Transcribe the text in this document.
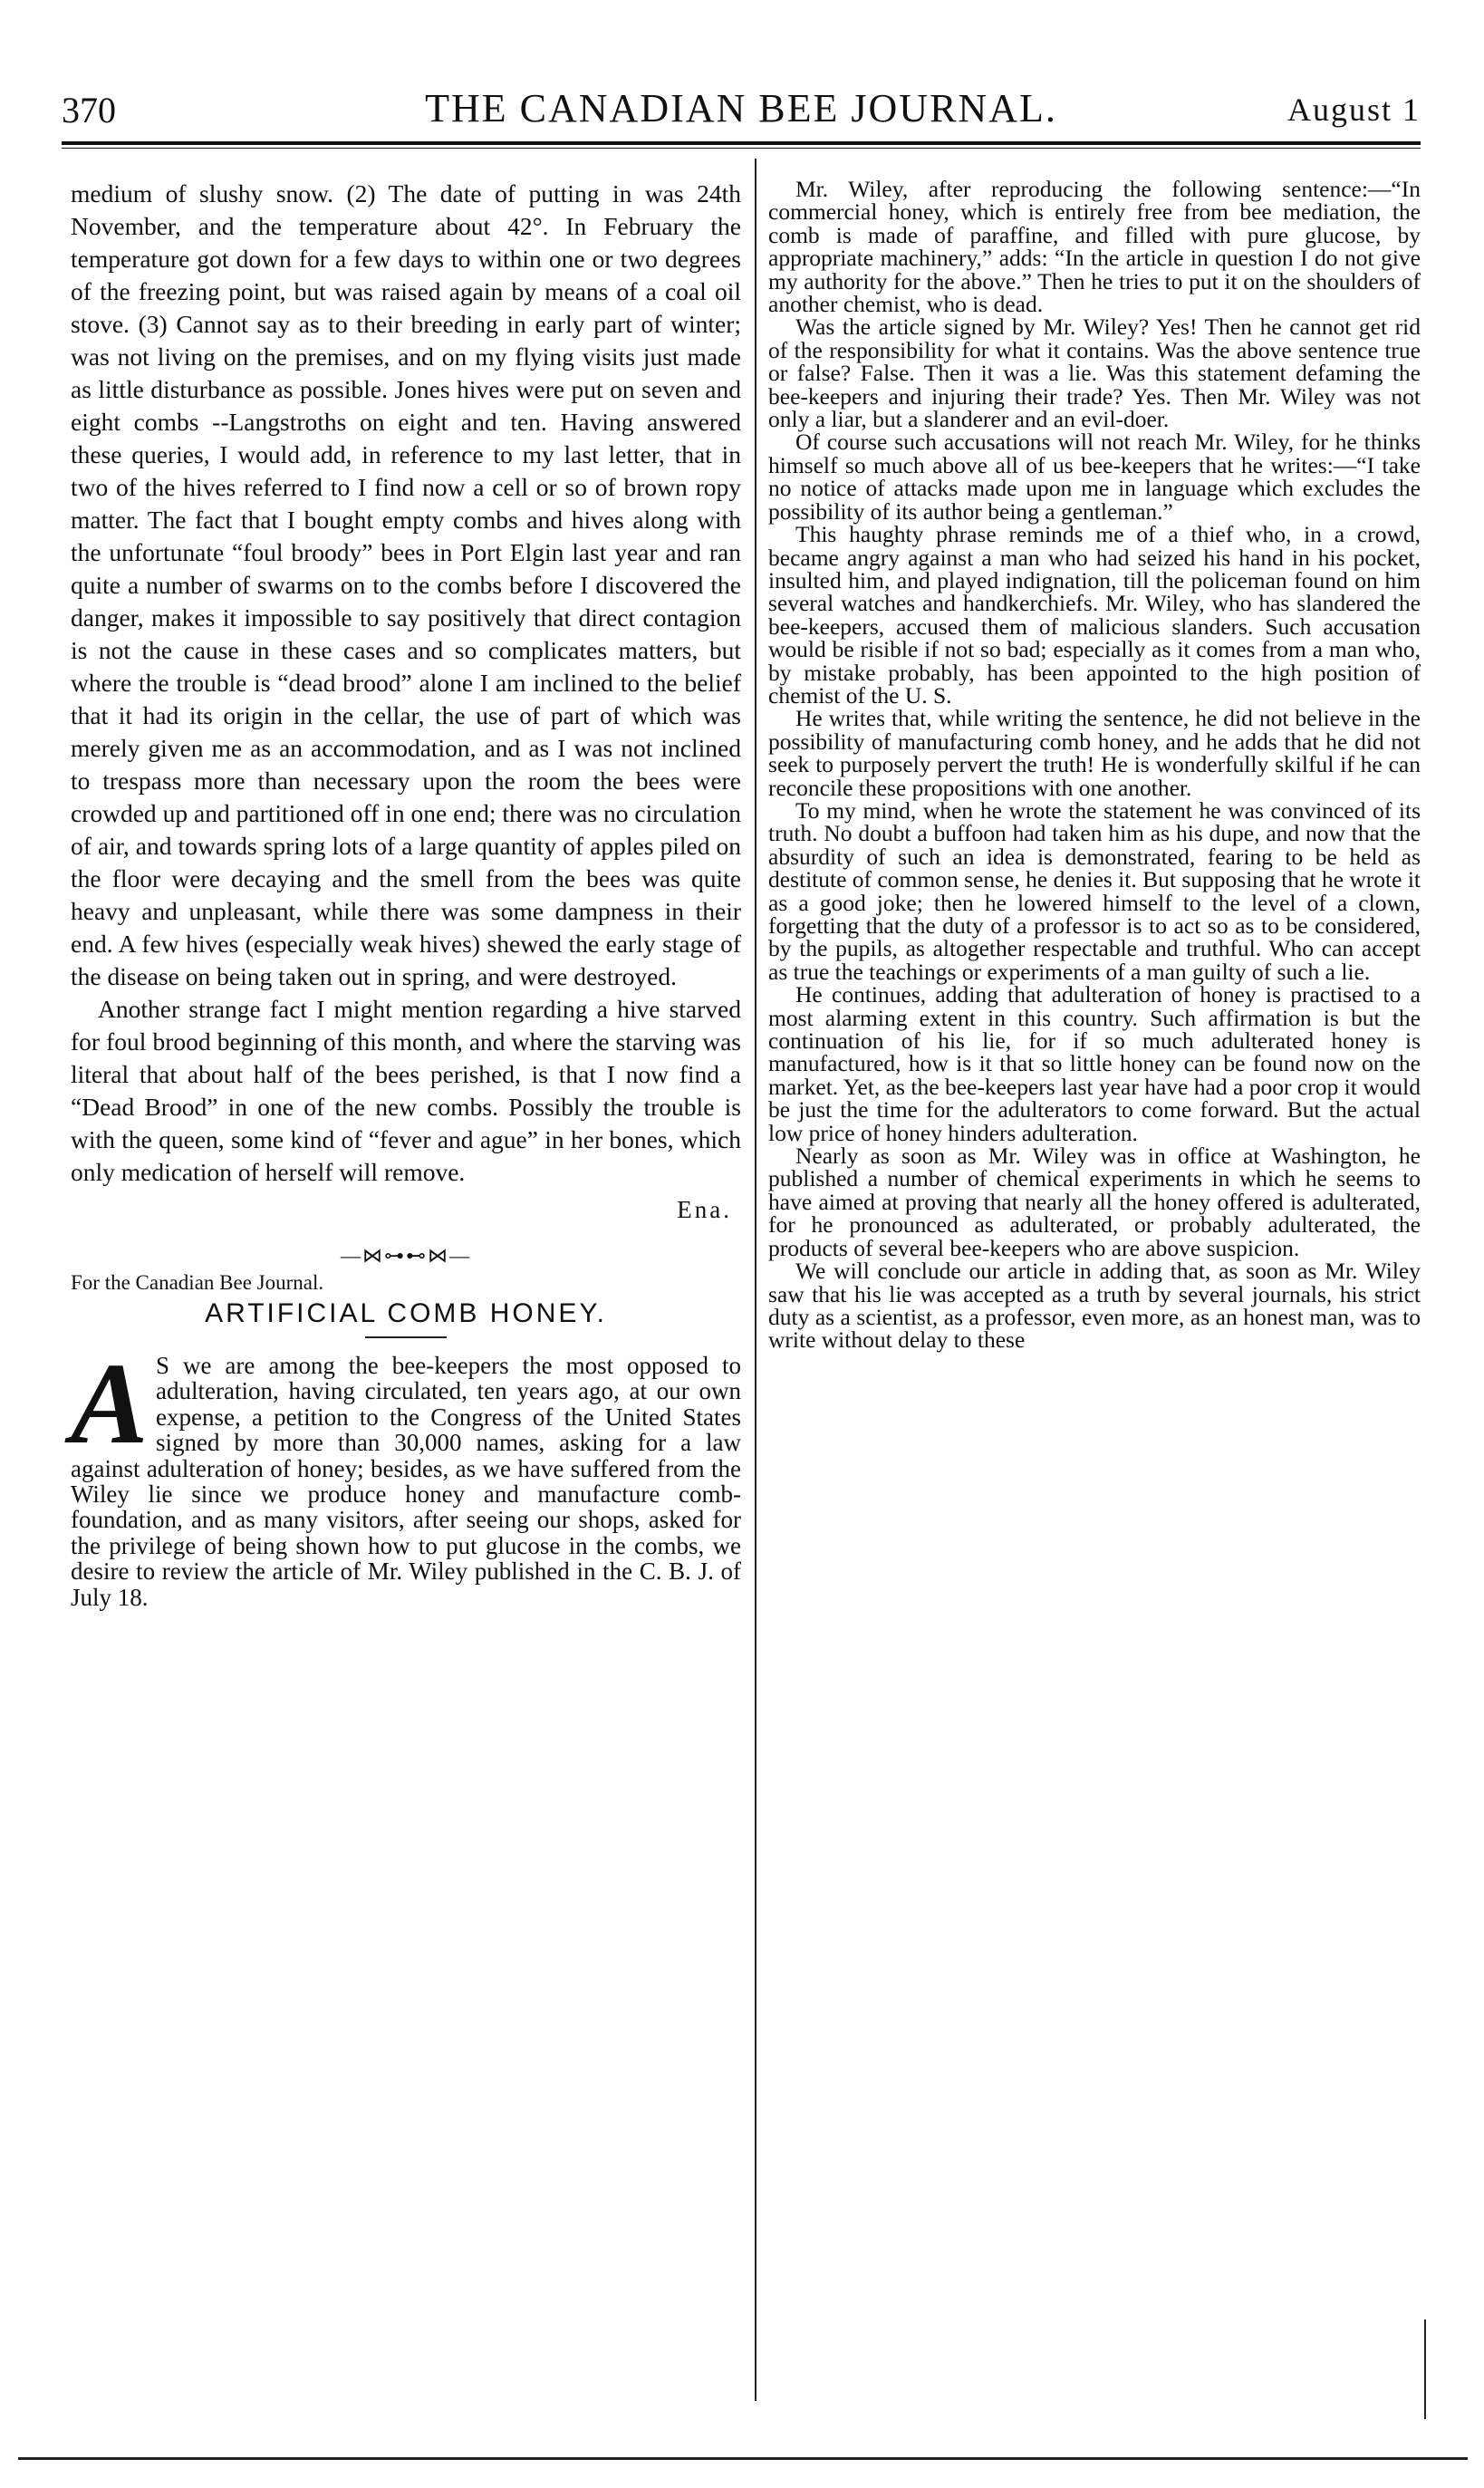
370	THE CANADIAN BEE JOURNAL.	August 1

medium of slushy snow. (2) The date of putting in was 24th November, and the temperature about 42°. In February the temperature got down for a few days to within one or two degrees of the freezing point, but was raised again by means of a coal oil stove. (3) Cannot say as to their breeding in early part of winter; was not living on the premises, and on my flying visits just made as little disturbance as possible. Jones hives were put on seven and eight combs --Langstroths on eight and ten. Having answered these queries, I would add, in reference to my last letter, that in two of the hives referred to I find now a cell or so of brown ropy matter. The fact that I bought empty combs and hives along with the unfortunate “foul broody” bees in Port Elgin last year and ran quite a number of swarms on to the combs before I discovered the danger, makes it impossible to say positively that direct contagion is not the cause in these cases and so complicates matters, but where the trouble is “dead brood” alone I am inclined to the belief that it had its origin in the cellar, the use of part of which was merely given me as an accommodation, and as I was not inclined to trespass more than necessary upon the room the bees were crowded up and partitioned off in one end; there was no circulation of air, and towards spring lots of a large quantity of apples piled on the floor were decaying and the smell from the bees was quite heavy and unpleasant, while there was some dampness in their end. A few hives (especially weak hives) shewed the early stage of the disease on being taken out in spring, and were destroyed.

Another strange fact I might mention regarding a hive starved for foul brood beginning of this month, and where the starving was literal that about half of the bees perished, is that I now find a “Dead Brood” in one of the new combs. Possibly the trouble is with the queen, some kind of “fever and ague” in her bones, which only medication of herself will remove.

Ena.
—⋈⊶⊷⋈—
For the Canadian Bee Journal.
ARTIFICIAL COMB HONEY.
A S we are among the bee-keepers the most opposed to adulteration, having circulated, ten years ago, at our own expense, a petition to the Congress of the United States signed by more than 30,000 names, asking for a law against adulteration of honey; besides, as we have suffered from the Wiley lie since we produce honey and manufacture comb-foundation, and as many visitors, after seeing our shops, asked for the privilege of being shown how to put glucose in the combs, we desire to review the article of Mr. Wiley published in the C. B. J. of July 18.

Mr. Wiley, after reproducing the following sentence:—“In commercial honey, which is entirely free from bee mediation, the comb is made of paraffine, and filled with pure glucose, by appropriate machinery,” adds: “In the article in question I do not give my authority for the above.” Then he tries to put it on the shoulders of another chemist, who is dead.

Was the article signed by Mr. Wiley? Yes! Then he cannot get rid of the responsibility for what it contains. Was the above sentence true or false? False. Then it was a lie. Was this statement defaming the bee-keepers and injuring their trade? Yes. Then Mr. Wiley was not only a liar, but a slanderer and an evil-doer.

Of course such accusations will not reach Mr. Wiley, for he thinks himself so much above all of us bee-keepers that he writes:—“I take no notice of attacks made upon me in language which excludes the possibility of its author being a gentleman.”

This haughty phrase reminds me of a thief who, in a crowd, became angry against a man who had seized his hand in his pocket, insulted him, and played indignation, till the policeman found on him several watches and handkerchiefs. Mr. Wiley, who has slandered the bee-keepers, accused them of malicious slanders. Such accusation would be risible if not so bad; especially as it comes from a man who, by mistake probably, has been appointed to the high position of chemist of the U. S.

He writes that, while writing the sentence, he did not believe in the possibility of manufacturing comb honey, and he adds that he did not seek to purposely pervert the truth! He is wonderfully skilful if he can reconcile these propositions with one another.

To my mind, when he wrote the statement he was convinced of its truth. No doubt a buffoon had taken him as his dupe, and now that the absurdity of such an idea is demonstrated, fearing to be held as destitute of common sense, he denies it. But supposing that he wrote it as a good joke; then he lowered himself to the level of a clown, forgetting that the duty of a professor is to act so as to be considered, by the pupils, as altogether respectable and truthful. Who can accept as true the teachings or experiments of a man guilty of such a lie.

He continues, adding that adulteration of honey is practised to a most alarming extent in this country. Such affirmation is but the continuation of his lie, for if so much adulterated honey is manufactured, how is it that so little honey can be found now on the market. Yet, as the bee-keepers last year have had a poor crop it would be just the time for the adulterators to come forward. But the actual low price of honey hinders adulteration.

Nearly as soon as Mr. Wiley was in office at Washington, he published a number of chemical experiments in which he seems to have aimed at proving that nearly all the honey offered is adulterated, for he pronounced as adulterated, or probably adulterated, the products of several bee-keepers who are above suspicion.

We will conclude our article in adding that, as soon as Mr. Wiley saw that his lie was accepted as a truth by several journals, his strict duty as a scientist, as a professor, even more, as an honest man, was to write without delay to these
